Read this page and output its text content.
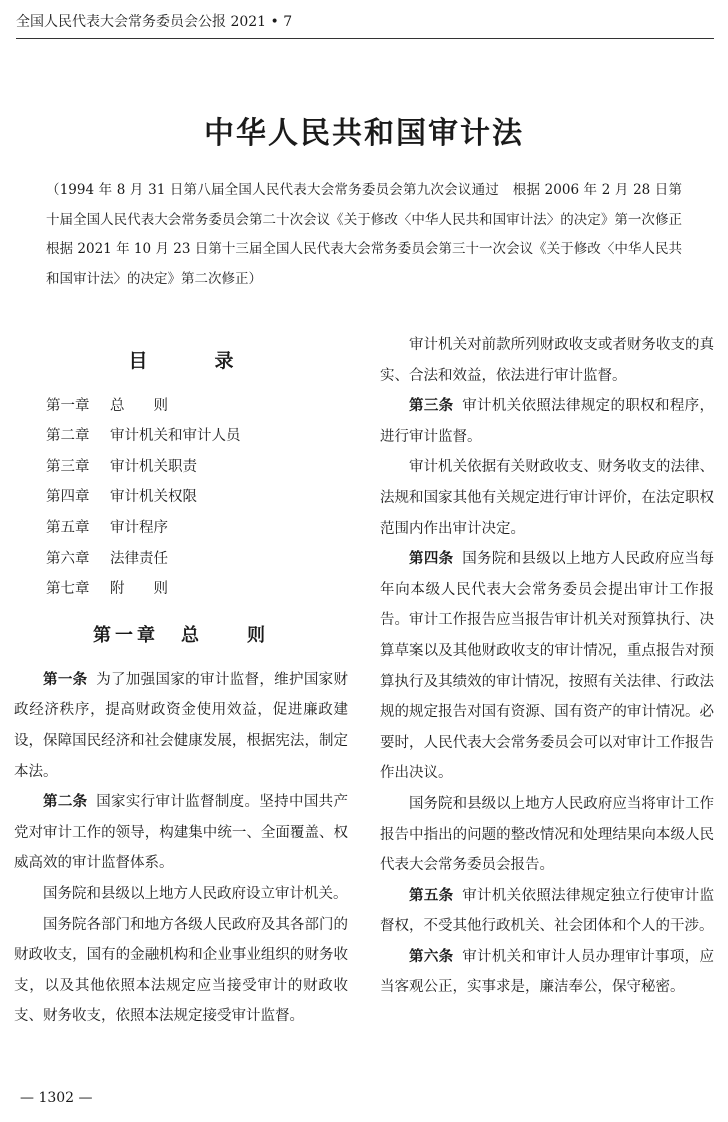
全国人民代表大会常务委员会公报 2021 • 7
中华人民共和国审计法
（1994 年 8 月 31 日第八届全国人民代表大会常务委员会第九次会议通过　根据 2006 年 2 月 28 日第十届全国人民代表大会常务委员会第二十次会议《关于修改〈中华人民共和国审计法〉的决定》第一次修正　根据 2021 年 10 月 23 日第十三届全国人民代表大会常务委员会第三十一次会议《关于修改〈中华人民共和国审计法〉的决定》第二次修正）
目　录
第一章	总　　则
第二章	审计机关和审计人员
第三章	审计机关职责
第四章	审计机关权限
第五章	审计程序
第六章	法律责任
第七章	附　　则
第一章　总　　则

第一条 为了加强国家的审计监督，维护国家财政经济秩序，提高财政资金使用效益，促进廉政建设，保障国民经济和社会健康发展，根据宪法，制定本法。

第二条 国家实行审计监督制度。坚持中国共产党对审计工作的领导，构建集中统一、全面覆盖、权威高效的审计监督体系。

国务院和县级以上地方人民政府设立审计机关。

国务院各部门和地方各级人民政府及其各部门的财政收支，国有的金融机构和企业事业组织的财务收支，以及其他依照本法规定应当接受审计的财政收支、财务收支，依照本法规定接受审计监督。

审计机关对前款所列财政收支或者财务收支的真实、合法和效益，依法进行审计监督。

第三条 审计机关依照法律规定的职权和程序，进行审计监督。

审计机关依据有关财政收支、财务收支的法律、法规和国家其他有关规定进行审计评价，在法定职权范围内作出审计决定。

第四条 国务院和县级以上地方人民政府应当每年向本级人民代表大会常务委员会提出审计工作报告。审计工作报告应当报告审计机关对预算执行、决算草案以及其他财政收支的审计情况，重点报告对预算执行及其绩效的审计情况，按照有关法律、行政法规的规定报告对国有资源、国有资产的审计情况。必要时，人民代表大会常务委员会可以对审计工作报告作出决议。

国务院和县级以上地方人民政府应当将审计工作报告中指出的问题的整改情况和处理结果向本级人民代表大会常务委员会报告。

第五条 审计机关依照法律规定独立行使审计监督权，不受其他行政机关、社会团体和个人的干涉。

第六条 审计机关和审计人员办理审计事项，应当客观公正，实事求是，廉洁奉公，保守秘密。

— 1302 —
